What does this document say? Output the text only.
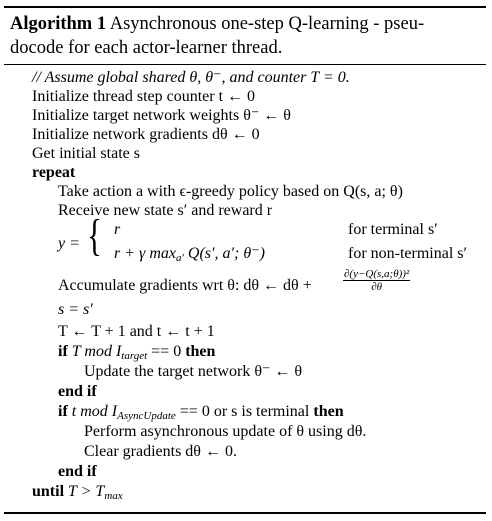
Algorithm 1 Asynchronous one-step Q-learning - pseu-
docode for each actor-learner thread.
// Assume global shared θ, θ⁻, and counter T = 0.
Initialize thread step counter t ← 0
Initialize target network weights θ⁻ ← θ
Initialize network gradients dθ ← 0
Get initial state s
repeat
Take action a with ϵ-greedy policy based on Q(s, a; θ)
Receive new state s′ and reward r
y = { r	for terminal s′
r + γ maxa′ Q(s′, a′; θ⁻)	for non-terminal s′
Accumulate gradients wrt θ: dθ ← dθ +	$\frac{\text{∂(y−Q(s,a;θ))²}}{\partial\theta}$
s = s′
T ← T + 1 and t ← t + 1
if T mod Itarget == 0 then
Update the target network θ⁻ ← θ
end if
if t mod IAsyncUpdate == 0 or s is terminal then
Perform asynchronous update of θ using dθ.
Clear gradients dθ ← 0.
end if
until T > Tmax
